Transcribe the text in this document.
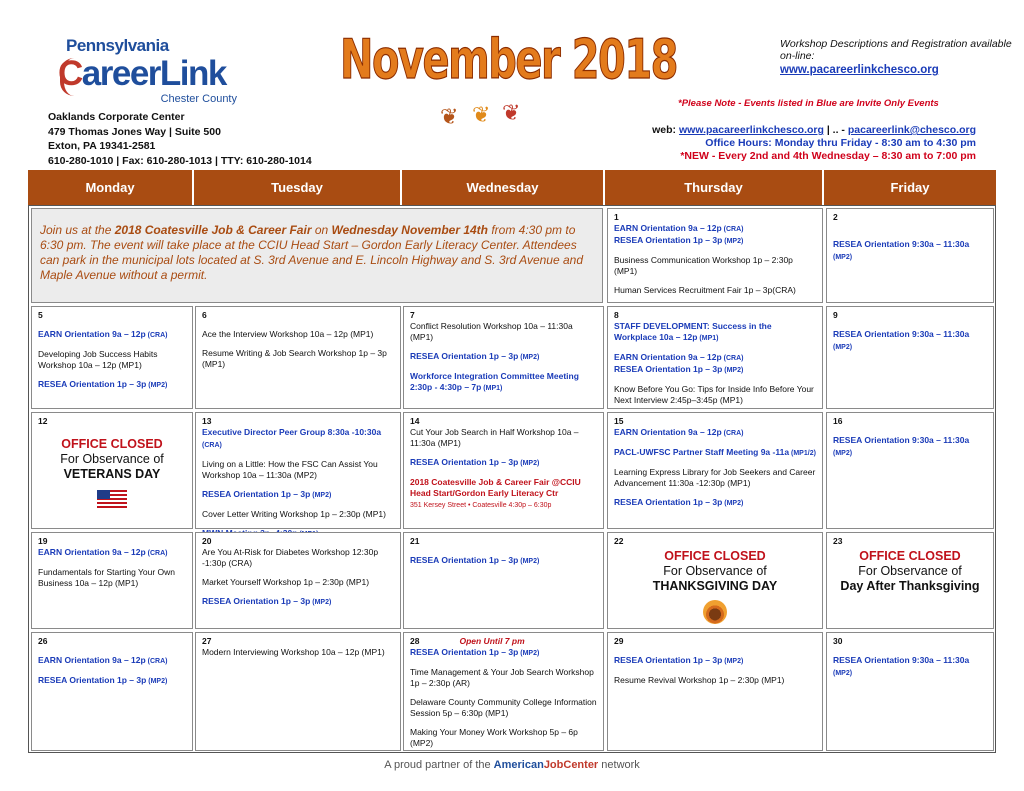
Pennsylvania
CareerLink
Chester County
Oaklands Corporate Center
479 Thomas Jones Way | Suite 500
Exton, PA 19341-2581
610-280-1010 | Fax: 610-280-1013 | TTY: 610-280-1014
November 2018
❦ ❦ ❦
Workshop Descriptions and Registration available on-line:
www.pacareerlinkchesco.org
*Please Note - Events listed in Blue are Invite Only Events
web: www.pacareerlinkchesco.org | .. - pacareerlink@chesco.org
Office Hours: Monday thru Friday - 8:30 am to 4:30 pm
*NEW - Every 2nd and 4th Wednesday – 8:30 am to 7:00 pm
Monday	Tuesday	Wednesday	Thursday	Friday
Join us at the 2018 Coatesville Job & Career Fair on Wednesday November 14th from 4:30 pm to 6:30 pm. The event will take place at the CCIU Head Start – Gordon Early Literacy Center. Attendees can park in the municipal lots located at S. 3rd Avenue and E. Lincoln Highway and S. 3rd Avenue and Maple Avenue without a permit.
1
EARN Orientation 9a – 12p (CRA)
RESEA Orientation 1p – 3p (MP2)
Business Communication Workshop 1p – 2:30p (MP1)
Human Services Recruitment Fair 1p – 3p(CRA)
2
RESEA Orientation 9:30a – 11:30a (MP2)
5
EARN Orientation 9a – 12p (CRA)
Developing Job Success Habits Workshop 10a – 12p (MP1)
RESEA Orientation 1p – 3p (MP2)
6
Ace the Interview Workshop 10a – 12p (MP1)
Resume Writing & Job Search Workshop 1p – 3p (MP1)
7
Conflict Resolution Workshop 10a – 11:30a (MP1)
RESEA Orientation 1p – 3p (MP2)
Workforce Integration Committee Meeting 2:30p - 4:30p – 7p (MP1)
8
STAFF DEVELOPMENT: Success in the Workplace 10a – 12p (MP1)
EARN Orientation 9a – 12p (CRA)
RESEA Orientation 1p – 3p (MP2)
Know Before You Go: Tips for Inside Info Before Your Next Interview 2:45p–3:45p (MP1)
9
RESEA Orientation 9:30a – 11:30a (MP2)
12
OFFICE CLOSED
For Observance of
VETERANS DAY
13
Executive Director Peer Group 8:30a -10:30a (CRA)
Living on a Little: How the FSC Can Assist You Workshop 10a – 11:30a (MP2)
RESEA Orientation 1p – 3p (MP2)
Cover Letter Writing Workshop 1p – 2:30p (MP1)
14
Cut Your Job Search in Half Workshop 10a – 11:30a (MP1)
RESEA Orientation 1p – 3p (MP2)
2018 Coatesville Job & Career Fair @CCIU Head Start/Gordon Early Literacy Ctr
351 Kersey Street • Coatesville 4:30p – 6:30p
15
EARN Orientation 9a – 12p (CRA)
PACL-UWFSC Partner Staff Meeting 9a -11a (MP1/2)
Learning Express Library for Job Seekers and Career Advancement 11:30a -12:30p (MP1)
RESEA Orientation 1p – 3p (MP2)
16
RESEA Orientation 9:30a – 11:30a (MP2)
19
EARN Orientation 9a – 12p (CRA)
Fundamentals for Starting Your Own Business 10a – 12p (MP1)
20
Are You At-Risk for Diabetes Workshop 12:30p -1:30p (CRA)
Market Yourself Workshop 1p – 2:30p (MP1)
RESEA Orientation 1p – 3p (MP2)
21
RESEA Orientation 1p – 3p (MP2)
22
OFFICE CLOSED
For Observance of
THANKSGIVING DAY
23
OFFICE CLOSED
For Observance of
Day After Thanksgiving
26
EARN Orientation 9a – 12p (CRA)
RESEA Orientation 1p – 3p (MP2)
27
Modern Interviewing Workshop 10a – 12p (MP1)
28	Open Until 7 pm
RESEA Orientation 1p – 3p (MP2)
Time Management & Your Job Search Workshop 1p – 2:30p (AR)
Delaware County Community College Information Session 5p – 6:30p (MP1)
Making Your Money Work Workshop 5p – 6p (MP2)
29
RESEA Orientation 1p – 3p (MP2)
Resume Revival Workshop 1p – 2:30p (MP1)
30
RESEA Orientation 9:30a – 11:30a (MP2)
A proud partner of the AmericanJobCenter network
